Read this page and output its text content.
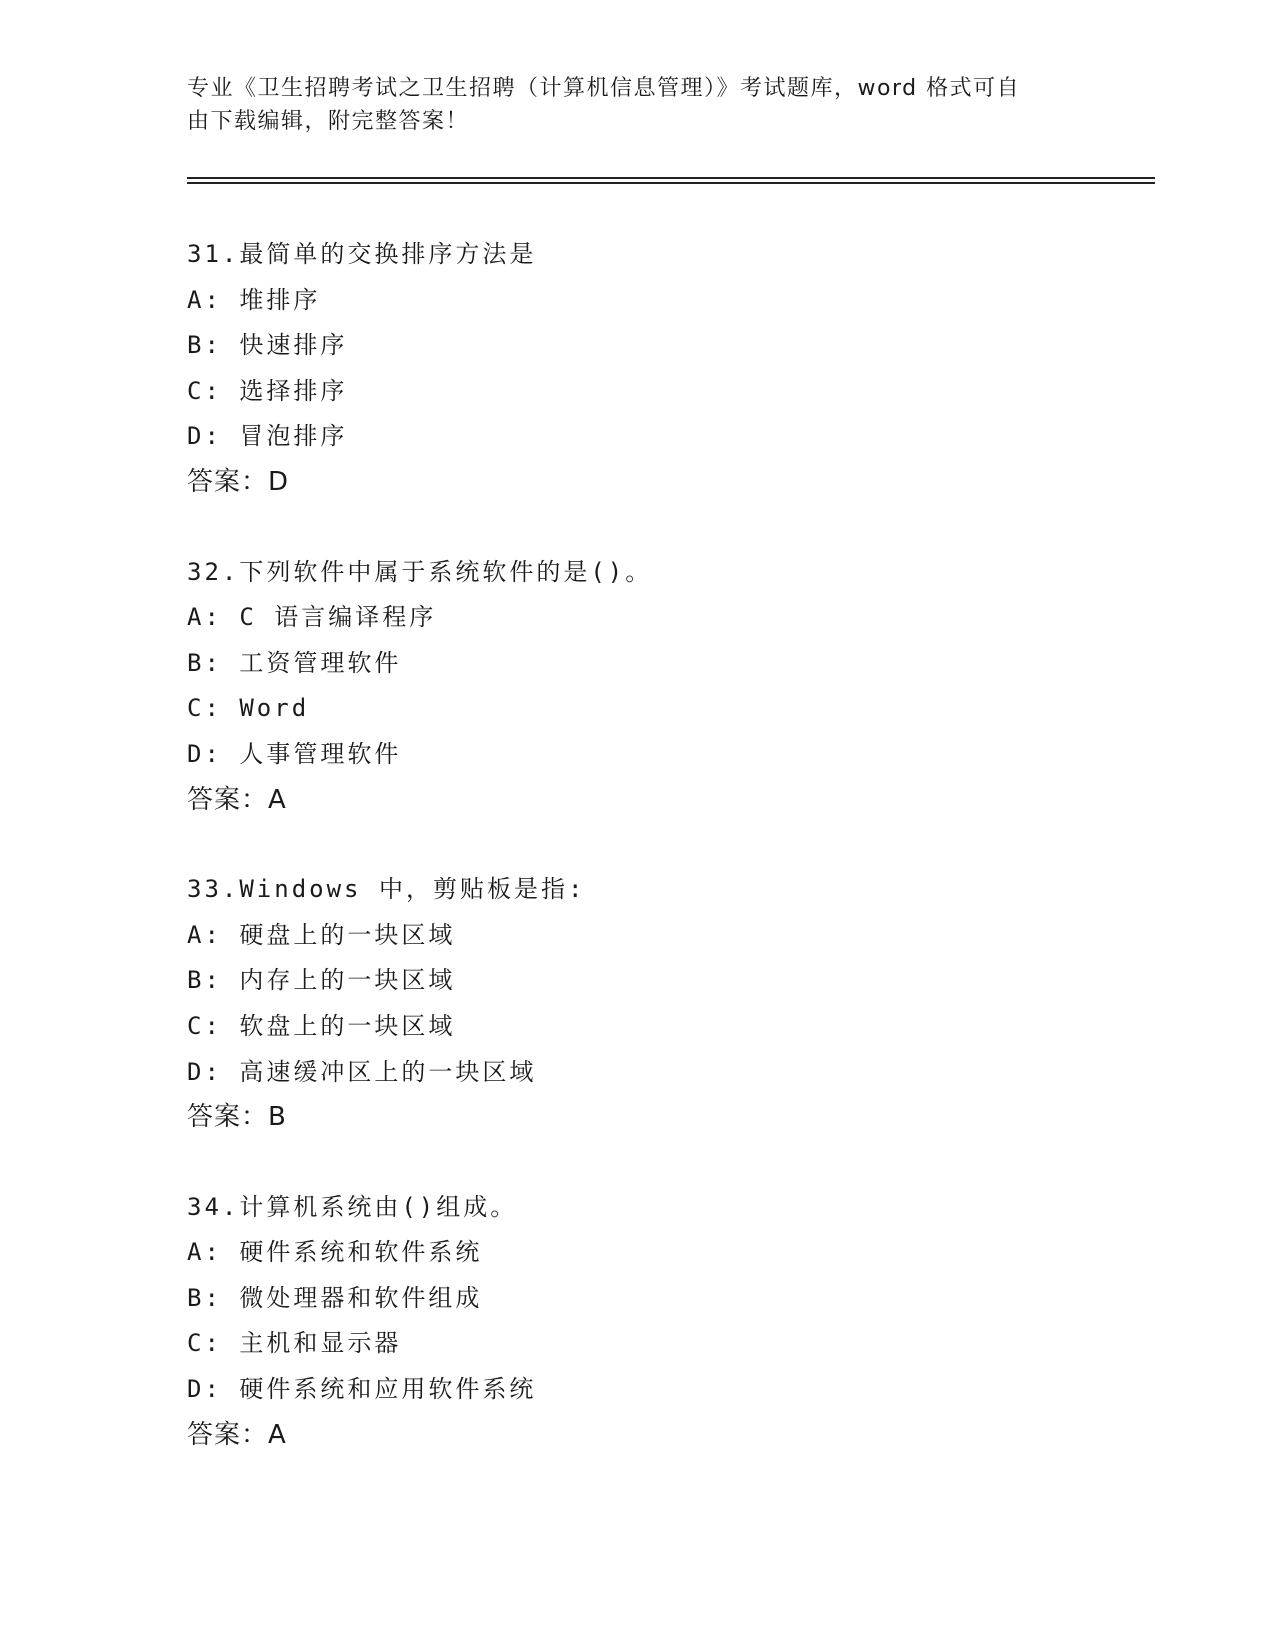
专业《卫生招聘考试之卫生招聘（计算机信息管理）》考试题库，word 格式可自
由下载编辑，附完整答案！
31.最简单的交换排序方法是
A: 堆排序
B: 快速排序
C: 选择排序
D: 冒泡排序
答案：D
32.下列软件中属于系统软件的是()。
A: C 语言编译程序
B: 工资管理软件
C: Word
D: 人事管理软件
答案：A
33.Windows 中，剪贴板是指:
A: 硬盘上的一块区域
B: 内存上的一块区域
C: 软盘上的一块区域
D: 高速缓冲区上的一块区域
答案：B
34.计算机系统由()组成。
A: 硬件系统和软件系统
B: 微处理器和软件组成
C: 主机和显示器
D: 硬件系统和应用软件系统
答案：A
